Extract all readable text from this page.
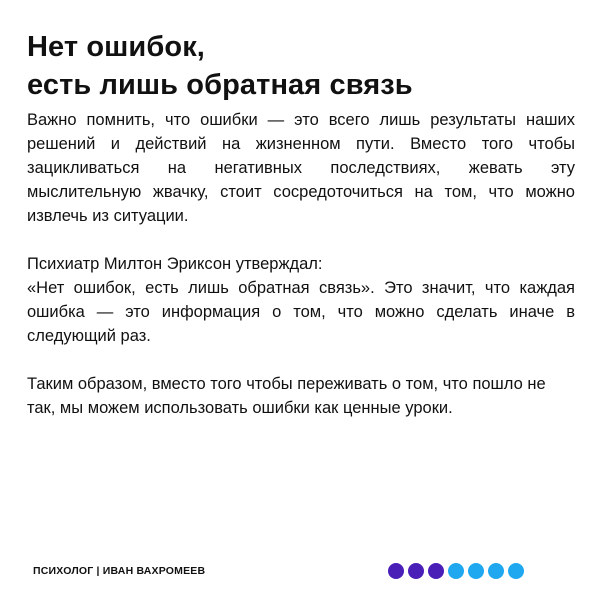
Нет ошибок,
есть лишь обратная связь

Важно помнить, что ошибки — это всего лишь результаты наших
решений и действий на жизненном пути. Вместо того чтобы
зацикливаться на негативных последствиях, жевать эту
мыслительную жвачку, стоит сосредоточиться на том, что можно
извлечь из ситуации.

Психиатр Милтон Эриксон утверждал:
«Нет ошибок, есть лишь обратная связь». Это значит, что каждая
ошибка — это информация о том, что можно сделать иначе в
следующий раз.

Таким образом, вместо того чтобы переживать о том, что пошло не
так, мы можем использовать ошибки как ценные уроки.

ПСИХОЛОГ | ИВАН ВАХРОМЕЕВ
